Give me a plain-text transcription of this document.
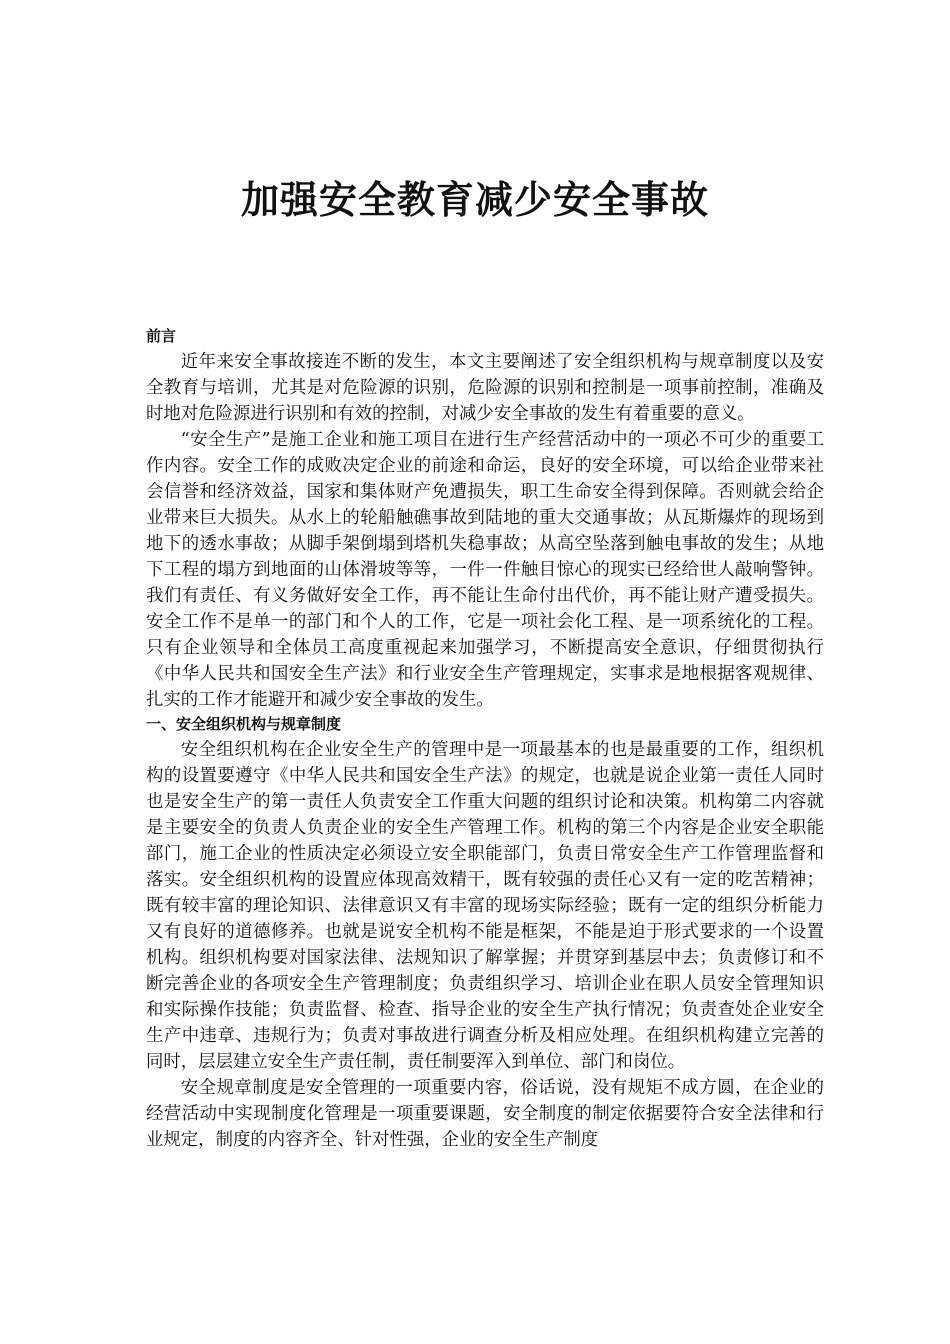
加强安全教育减少安全事故
前言

近年来安全事故接连不断的发生，本文主要阐述了安全组织机构与规章制度以及安全教育与培训，尤其是对危险源的识别，危险源的识别和控制是一项事前控制，准确及时地对危险源进行识别和有效的控制，对减少安全事故的发生有着重要的意义。

“安全生产”是施工企业和施工项目在进行生产经营活动中的一项必不可少的重要工作内容。安全工作的成败决定企业的前途和命运，良好的安全环境，可以给企业带来社会信誉和经济效益，国家和集体财产免遭损失，职工生命安全得到保障。否则就会给企业带来巨大损失。从水上的轮船触礁事故到陆地的重大交通事故；从瓦斯爆炸的现场到地下的透水事故；从脚手架倒塌到塔机失稳事故；从高空坠落到触电事故的发生；从地下工程的塌方到地面的山体滑坡等等，一件一件触目惊心的现实已经给世人敲响警钟。我们有责任、有义务做好安全工作，再不能让生命付出代价，再不能让财产遭受损失。安全工作不是单一的部门和个人的工作，它是一项社会化工程、是一项系统化的工程。只有企业领导和全体员工高度重视起来加强学习，不断提高安全意识，仔细贯彻执行《中华人民共和国安全生产法》和行业安全生产管理规定，实事求是地根据客观规律、扎实的工作才能避开和减少安全事故的发生。

一、安全组织机构与规章制度

安全组织机构在企业安全生产的管理中是一项最基本的也是最重要的工作，组织机构的设置要遵守《中华人民共和国安全生产法》的规定，也就是说企业第一责任人同时也是安全生产的第一责任人负责安全工作重大问题的组织讨论和决策。机构第二内容就是主要安全的负责人负责企业的安全生产管理工作。机构的第三个内容是企业安全职能部门，施工企业的性质决定必须设立安全职能部门，负责日常安全生产工作管理监督和落实。安全组织机构的设置应体现高效精干，既有较强的责任心又有一定的吃苦精神；既有较丰富的理论知识、法律意识又有丰富的现场实际经验；既有一定的组织分析能力又有良好的道德修养。也就是说安全机构不能是框架，不能是迫于形式要求的一个设置机构。组织机构要对国家法律、法规知识了解掌握；并贯穿到基层中去；负责修订和不断完善企业的各项安全生产管理制度；负责组织学习、培训企业在职人员安全管理知识和实际操作技能；负责监督、检查、指导企业的安全生产执行情况；负责查处企业安全生产中违章、违规行为；负责对事故进行调查分析及相应处理。在组织机构建立完善的同时，层层建立安全生产责任制，责任制要浑入到单位、部门和岗位。

安全规章制度是安全管理的一项重要内容，俗话说，没有规矩不成方圆，在企业的经营活动中实现制度化管理是一项重要课题，安全制度的制定依据要符合安全法律和行业规定，制度的内容齐全、针对性强，企业的安全生产制度
